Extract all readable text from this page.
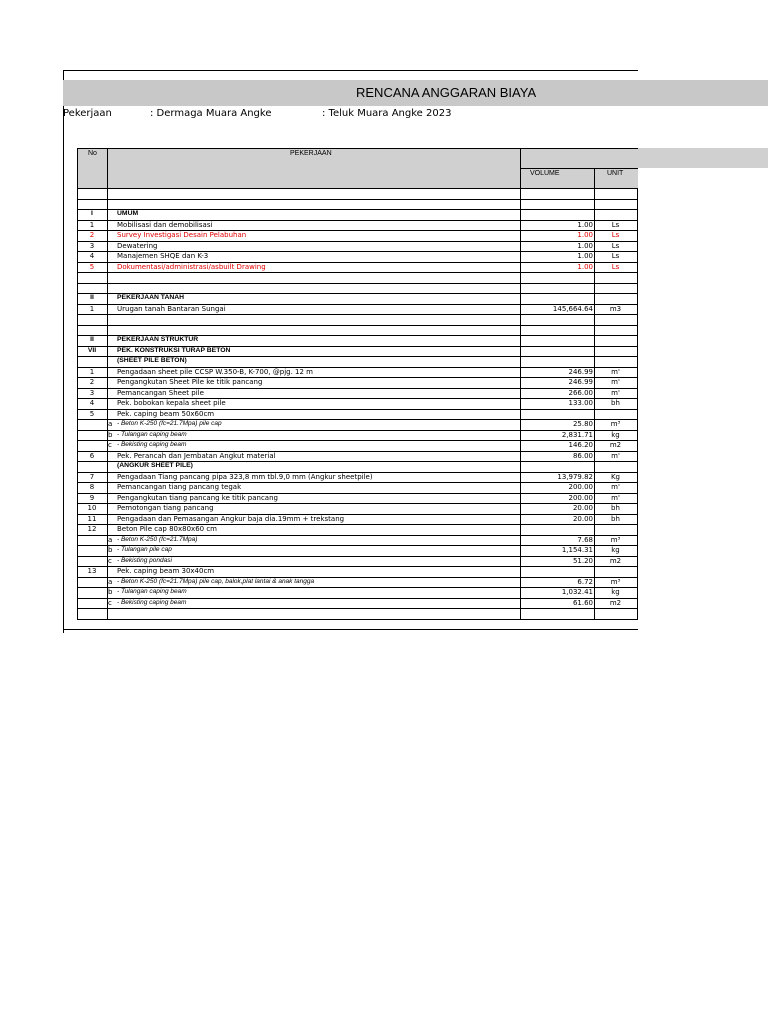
RENCANA ANGGARAN BIAYA
Pekerjaan	: Dermaga Muara Angke	: Teluk Muara Angke 2023
No	PEKERJAAN
VOLUME	UNIT
I	UMUM
1	Mobilisasi dan demobilisasi	1.00	Ls
2	Survey Investigasi Desain Pelabuhan	1.00	Ls
3	Dewatering	1.00	Ls
4	Manajemen SHQE dan K-3	1.00	Ls
5	Dokumentasi/administrasi/asbuilt Drawing	1.00	Ls
II	PEKERJAAN TANAH
1	Urugan tanah Bantaran Sungai	145,664.64	m3
II	PEKERJAAN STRUKTUR
VII	PEK. KONSTRUKSI TURAP BETON
(SHEET PILE BETON)
1	Pengadaan sheet pile CCSP W.350-B, K-700, @pjg. 12 m	246.99	m'
2	Pengangkutan Sheet Pile ke titik pancang	246.99	m'
3	Pemancangan Sheet pile	266.00	m'
4	Pek. bobokan kepala sheet pile	133.00	bh
5	Pek. caping beam 50x60cm
a - Beton K-250 (fc=21.7Mpa) pile cap	25.80	m³
b - Tulangan caping beam	2,831.71	kg
c - Bekisting caping beam	146.20	m2
6	Pek. Perancah dan Jembatan Angkut material	86.00	m'
(ANGKUR SHEET PILE)
7	Pengadaan Tiang pancang pipa 323,8 mm tbl.9,0 mm (Angkur sheetpile)	13,979.82	Kg
8	Pemancangan tiang pancang tegak	200.00	m'
9	Pengangkutan tiang pancang ke titik pancang	200.00	m'
10	Pemotongan tiang pancang	20.00	bh
11	Pengadaan dan Pemasangan Angkur baja dia.19mm + trekstang	20.00	bh
12	Beton Pile cap 80x80x60 cm
a - Beton K-250 (fc=21.7Mpa)	7.68	m³
b - Tulangan pile cap	1,154.31	kg
c - Bekisting pondasi	51.20	m2
13	Pek. caping beam 30x40cm
a - Beton K-250 (fc=21.7Mpa) pile cap, balok,plat lantai & anak tangga	6.72	m³
b - Tulangan caping beam	1,032.41	kg
c - Bekisting caping beam	61.60	m2
